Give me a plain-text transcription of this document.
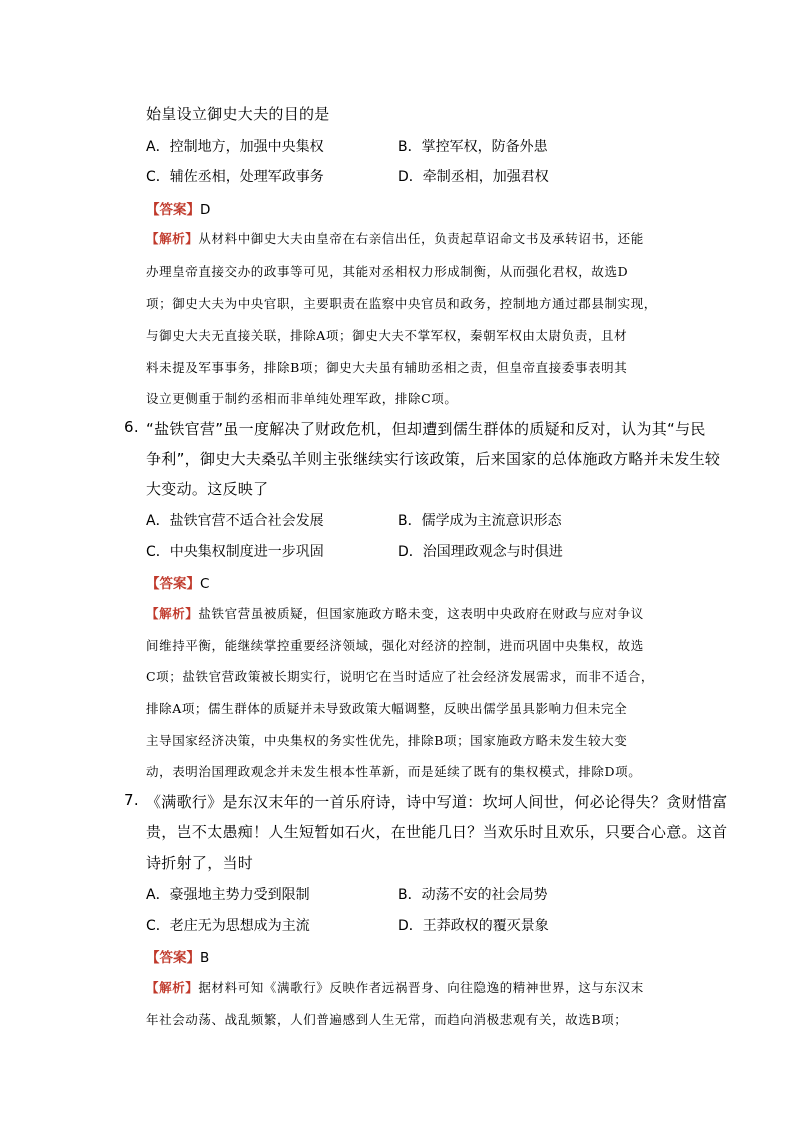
始皇设立御史大夫的目的是
A．控制地方，加强中央集权	B．掌控军权，防备外患
C．辅佐丞相，处理军政事务	D．牵制丞相，加强君权
【答案】D
【解析】从材料中御史大夫由皇帝在右亲信出任，负责起草诏命文书及承转诏书，还能
办理皇帝直接交办的政事等可见，其能对丞相权力形成制衡，从而强化君权，故选D
项；御史大夫为中央官职，主要职责在监察中央官员和政务，控制地方通过郡县制实现，
与御史大夫无直接关联，排除A项；御史大夫不掌军权，秦朝军权由太尉负责，且材
料未提及军事事务，排除B项；御史大夫虽有辅助丞相之责，但皇帝直接委事表明其
设立更侧重于制约丞相而非单纯处理军政，排除C项。
6. “盐铁官营”虽一度解决了财政危机，但却遭到儒生群体的质疑和反对，认为其“与民
争利”，御史大夫桑弘羊则主张继续实行该政策，后来国家的总体施政方略并未发生较
大变动。这反映了
A．盐铁官营不适合社会发展	B．儒学成为主流意识形态
C．中央集权制度进一步巩固	D．治国理政观念与时俱进
【答案】C
【解析】盐铁官营虽被质疑，但国家施政方略未变，这表明中央政府在财政与应对争议
间维持平衡，能继续掌控重要经济领域，强化对经济的控制，进而巩固中央集权，故选
C项；盐铁官营政策被长期实行，说明它在当时适应了社会经济发展需求，而非不适合，
排除A项；儒生群体的质疑并未导致政策大幅调整，反映出儒学虽具影响力但未完全
主导国家经济决策，中央集权的务实性优先，排除B项；国家施政方略未发生较大变
动，表明治国理政观念并未发生根本性革新，而是延续了既有的集权模式，排除D项。
7. 《满歌行》是东汉末年的一首乐府诗，诗中写道：坎坷人间世，何必论得失？贪财惜富
贵，岂不太愚痴！人生短暂如石火，在世能几日？当欢乐时且欢乐，只要合心意。这首
诗折射了，当时
A．豪强地主势力受到限制	B．动荡不安的社会局势
C．老庄无为思想成为主流	D．王莽政权的覆灭景象
【答案】B
【解析】据材料可知《满歌行》反映作者远祸晋身、向往隐逸的精神世界，这与东汉末
年社会动荡、战乱频繁，人们普遍感到人生无常，而趋向消极悲观有关，故选B项；
